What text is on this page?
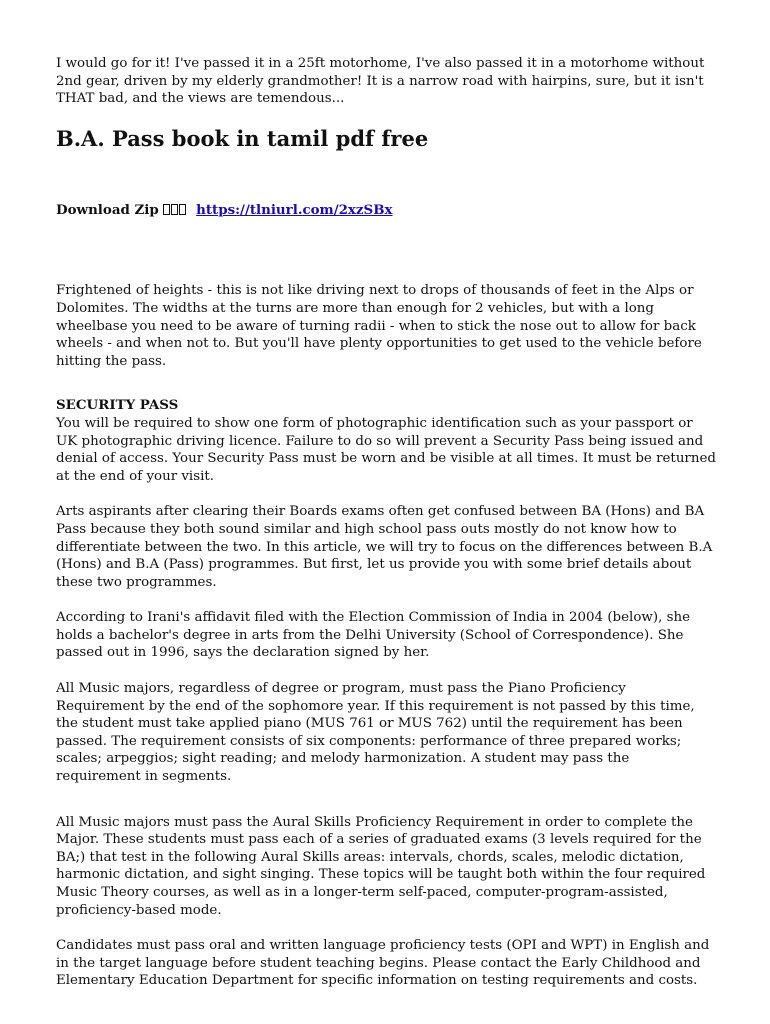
I would go for it! I've passed it in a 25ft motorhome, I've also passed it in a motorhome without 2nd gear, driven by my elderly grandmother! It is a narrow road with hairpins, sure, but it isn't THAT bad, and the views are temendous...

B.A. Pass book in tamil pdf free

Download Zip	https://tlniurl.com/2xzSBx

Frightened of heights - this is not like driving next to drops of thousands of feet in the Alps or Dolomites. The widths at the turns are more than enough for 2 vehicles, but with a long wheelbase you need to be aware of turning radii - when to stick the nose out to allow for back wheels - and when not to. But you'll have plenty opportunities to get used to the vehicle before hitting the pass.

SECURITY PASS

You will be required to show one form of photographic identification such as your passport or UK photographic driving licence. Failure to do so will prevent a Security Pass being issued and denial of access. Your Security Pass must be worn and be visible at all times. It must be returned at the end of your visit.

Arts aspirants after clearing their Boards exams often get confused between BA (Hons) and BA Pass because they both sound similar and high school pass outs mostly do not know how to differentiate between the two. In this article, we will try to focus on the differences between B.A (Hons) and B.A (Pass) programmes. But first, let us provide you with some brief details about these two programmes.

According to Irani's affidavit filed with the Election Commission of India in 2004 (below), she holds a bachelor's degree in arts from the Delhi University (School of Correspondence). She passed out in 1996, says the declaration signed by her.

All Music majors, regardless of degree or program, must pass the Piano Proficiency Requirement by the end of the sophomore year. If this requirement is not passed by this time, the student must take applied piano (MUS 761 or MUS 762) until the requirement has been passed. The requirement consists of six components: performance of three prepared works; scales; arpeggios; sight reading; and melody harmonization. A student may pass the requirement in segments.

All Music majors must pass the Aural Skills Proficiency Requirement in order to complete the Major. These students must pass each of a series of graduated exams (3 levels required for the BA;) that test in the following Aural Skills areas: intervals, chords, scales, melodic dictation, harmonic dictation, and sight singing. These topics will be taught both within the four required Music Theory courses, as well as in a longer-term self-paced, computer-program-assisted, proficiency-based mode.

Candidates must pass oral and written language proficiency tests (OPI and WPT) in English and in the target language before student teaching begins. Please contact the Early Childhood and Elementary Education Department for specific information on testing requirements and costs.
